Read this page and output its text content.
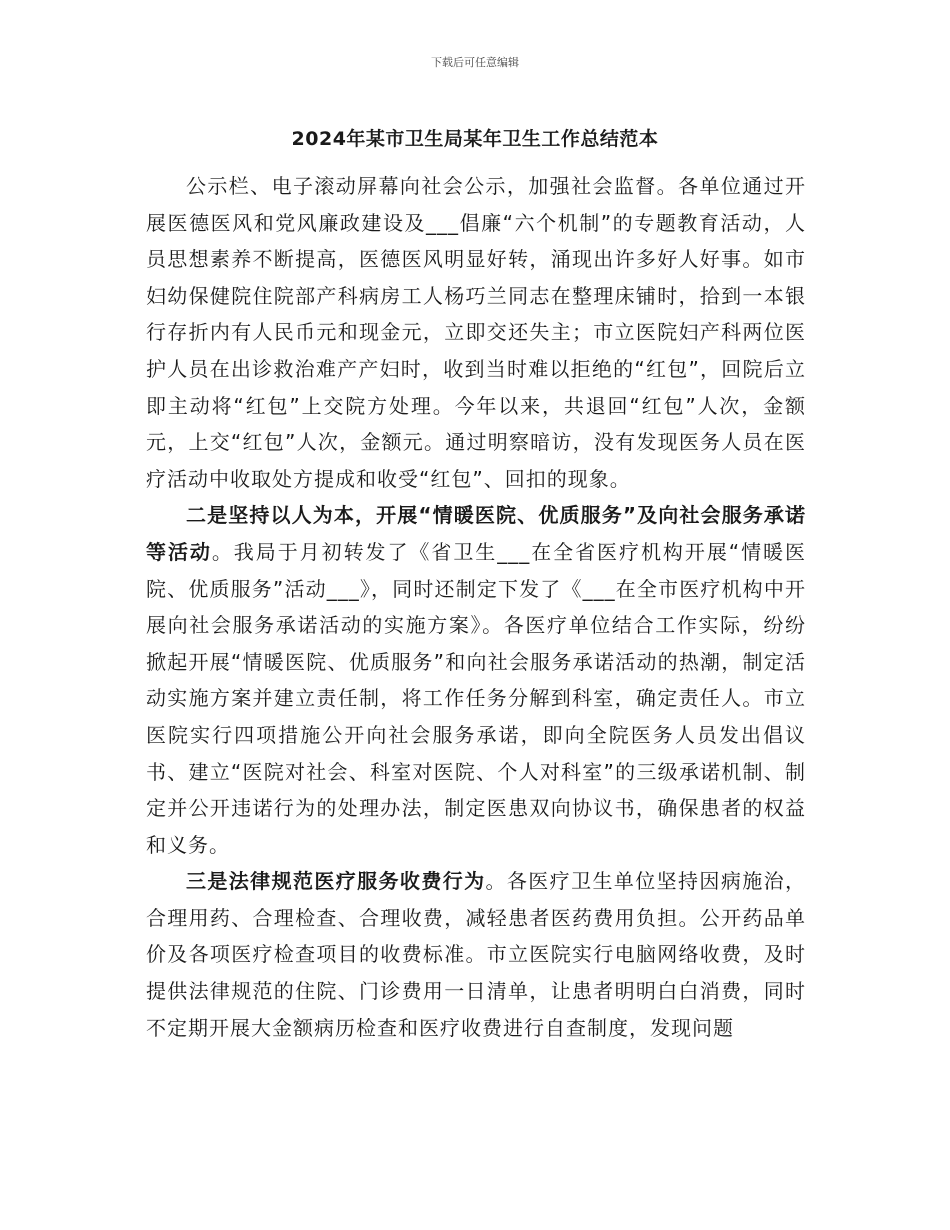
下载后可任意编辑
2024年某市卫生局某年卫生工作总结范本

公示栏、电子滚动屏幕向社会公示，加强社会监督。各单位通过开展医德医风和党风廉政建设及___倡廉“六个机制”的专题教育活动，人员思想素养不断提高，医德医风明显好转，涌现出许多好人好事。如市妇幼保健院住院部产科病房工人杨巧兰同志在整理床铺时，拾到一本银行存折内有人民币元和现金元，立即交还失主；市立医院妇产科两位医护人员在出诊救治难产产妇时，收到当时难以拒绝的“红包”，回院后立即主动将“红包”上交院方处理。今年以来，共退回“红包”人次，金额元，上交“红包”人次，金额元。通过明察暗访，没有发现医务人员在医疗活动中收取处方提成和收受“红包”、回扣的现象。

二是坚持以人为本，开展“情暖医院、优质服务”及向社会服务承诺等活动。我局于月初转发了《省卫生___在全省医疗机构开展“情暖医院、优质服务”活动___》，同时还制定下发了《___在全市医疗机构中开展向社会服务承诺活动的实施方案》。各医疗单位结合工作实际，纷纷掀起开展“情暖医院、优质服务”和向社会服务承诺活动的热潮，制定活动实施方案并建立责任制，将工作任务分解到科室，确定责任人。市立医院实行四项措施公开向社会服务承诺，即向全院医务人员发出倡议书、建立“医院对社会、科室对医院、个人对科室”的三级承诺机制、制定并公开违诺行为的处理办法，制定医患双向协议书，确保患者的权益和义务。

三是法律规范医疗服务收费行为。各医疗卫生单位坚持因病施治，合理用药、合理检查、合理收费，减轻患者医药费用负担。公开药品单价及各项医疗检查项目的收费标准。市立医院实行电脑网络收费，及时提供法律规范的住院、门诊费用一日清单，让患者明明白白消费，同时不定期开展大金额病历检查和医疗收费进行自查制度，发现问题
